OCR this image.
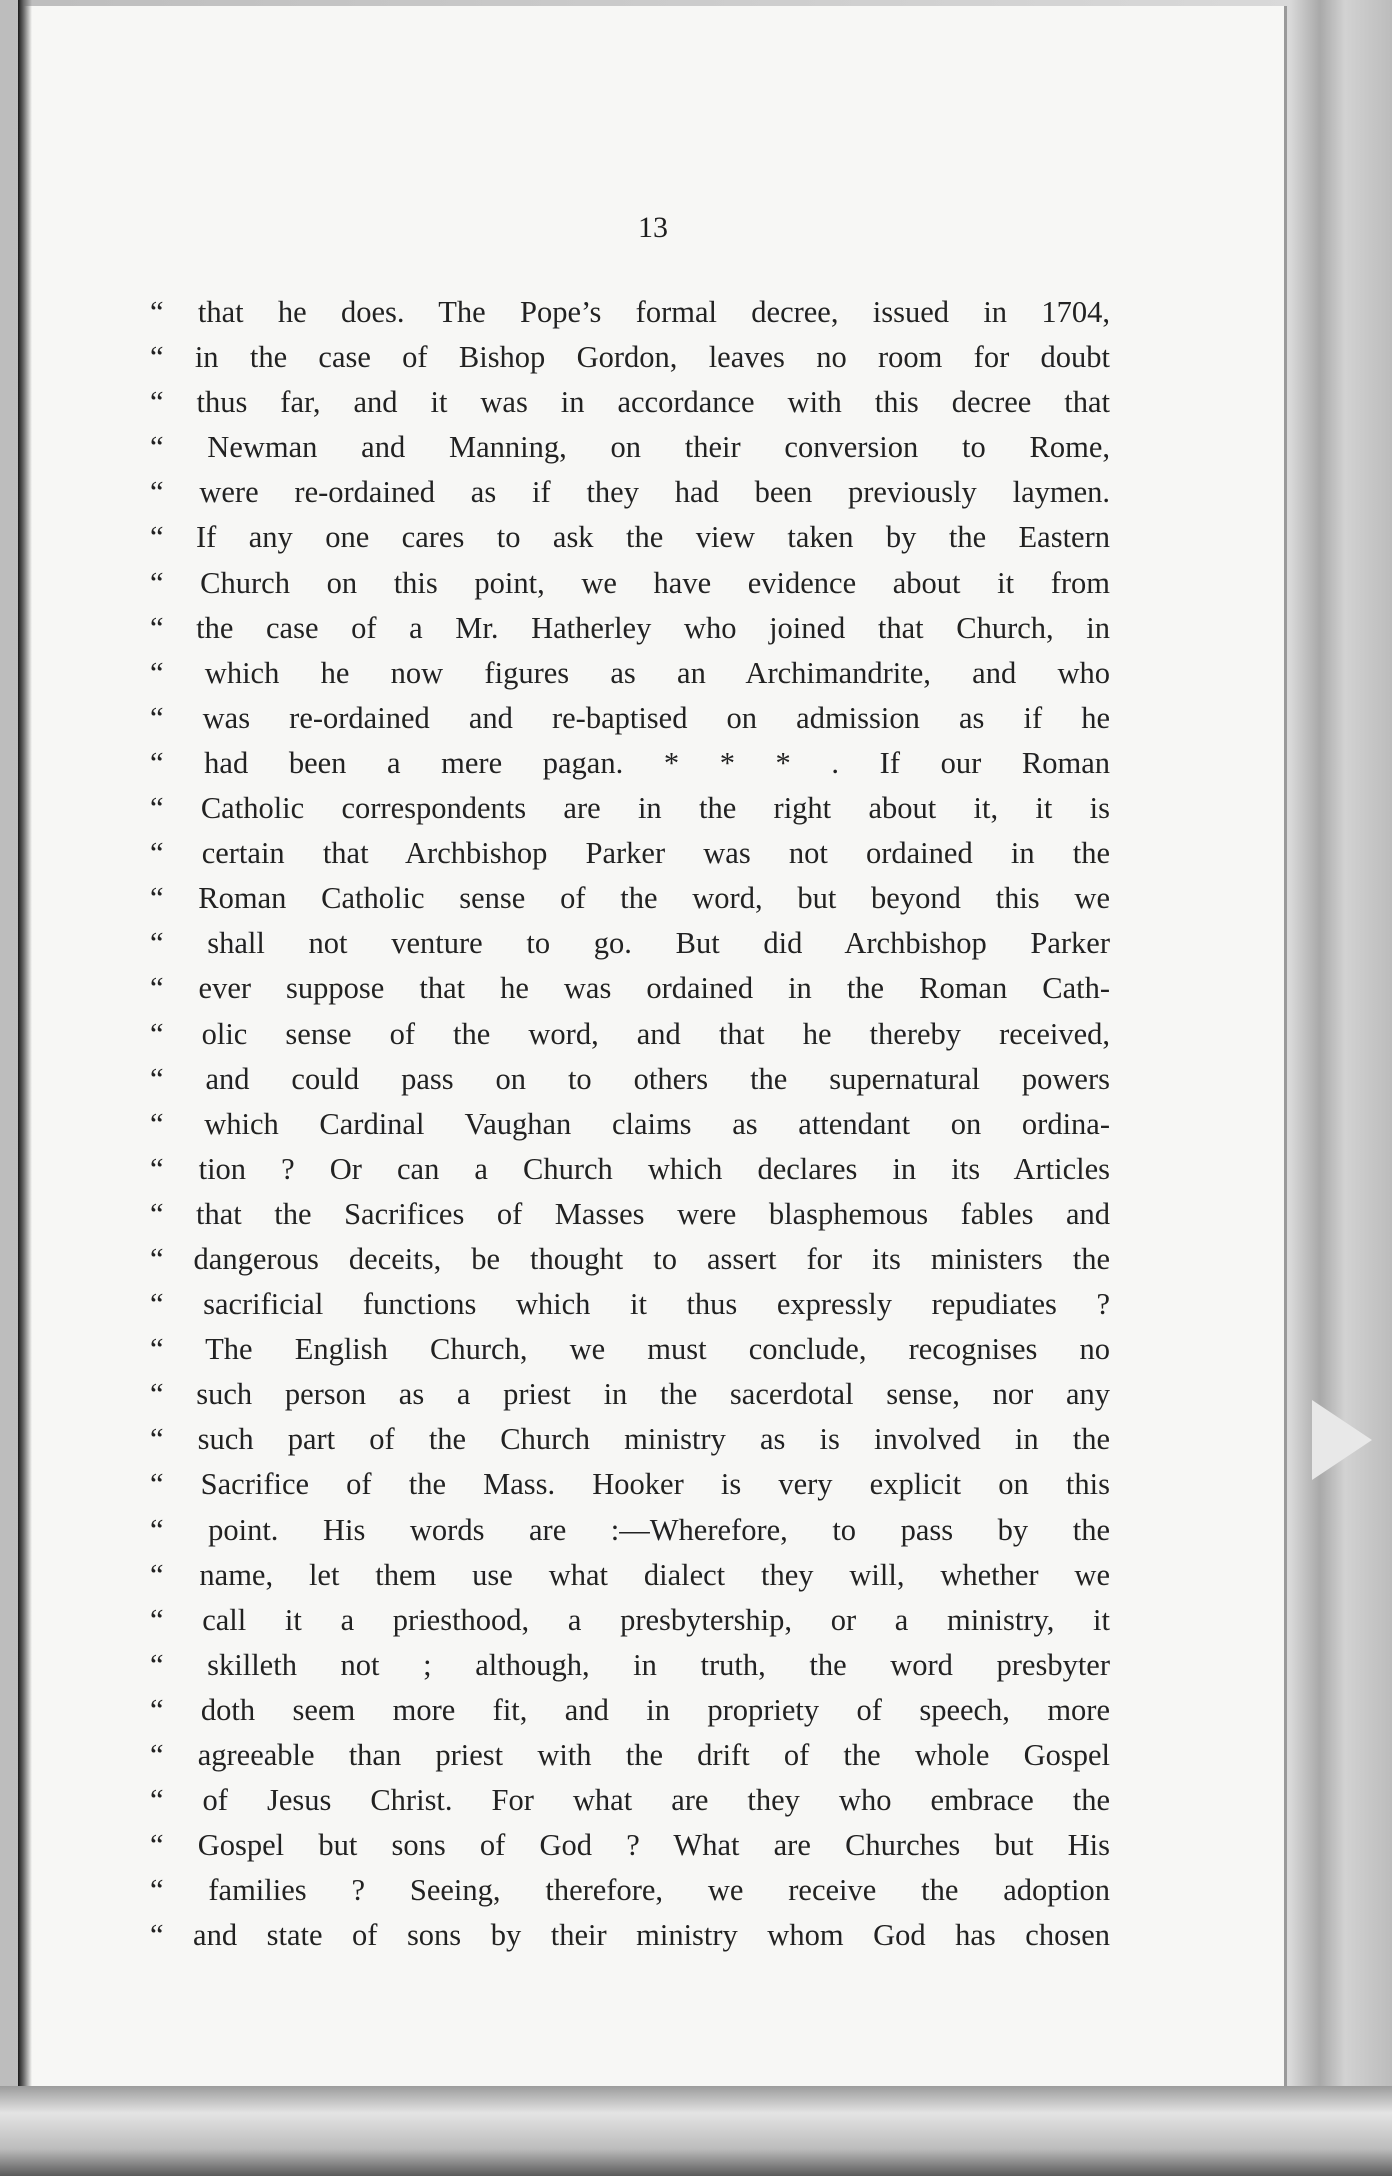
13
“ that he does. The Pope’s formal decree, issued in 1704,
“ in the case of Bishop Gordon, leaves no room for doubt
“ thus far, and it was in accordance with this decree that
“ Newman and Manning, on their conversion to Rome,
“ were re-ordained as if they had been previously laymen.
“ If any one cares to ask the view taken by the Eastern
“ Church on this point, we have evidence about it from
“ the case of a Mr. Hatherley who joined that Church, in
“ which he now figures as an Archimandrite, and who
“ was re-ordained and re-baptised on admission as if he
“ had been a mere pagan. * * * . If our Roman
“ Catholic correspondents are in the right about it, it is
“ certain that Archbishop Parker was not ordained in the
“ Roman Catholic sense of the word, but beyond this we
“ shall not venture to go. But did Archbishop Parker
“ ever suppose that he was ordained in the Roman Cath-
“ olic sense of the word, and that he thereby received,
“ and could pass on to others the supernatural powers
“ which Cardinal Vaughan claims as attendant on ordina-
“ tion ? Or can a Church which declares in its Articles
“ that the Sacrifices of Masses were blasphemous fables and
“ dangerous deceits, be thought to assert for its ministers the
“ sacrificial functions which it thus expressly repudiates ?
“ The English Church, we must conclude, recognises no
“ such person as a priest in the sacerdotal sense, nor any
“ such part of the Church ministry as is involved in the
“ Sacrifice of the Mass. Hooker is very explicit on this
“ point. His words are :—Wherefore, to pass by the
“ name, let them use what dialect they will, whether we
“ call it a priesthood, a presbytership, or a ministry, it
“ skilleth not ; although, in truth, the word presbyter
“ doth seem more fit, and in propriety of speech, more
“ agreeable than priest with the drift of the whole Gospel
“ of Jesus Christ. For what are they who embrace the
“ Gospel but sons of God ? What are Churches but His
“ families ? Seeing, therefore, we receive the adoption
“ and state of sons by their ministry whom God has chosen
